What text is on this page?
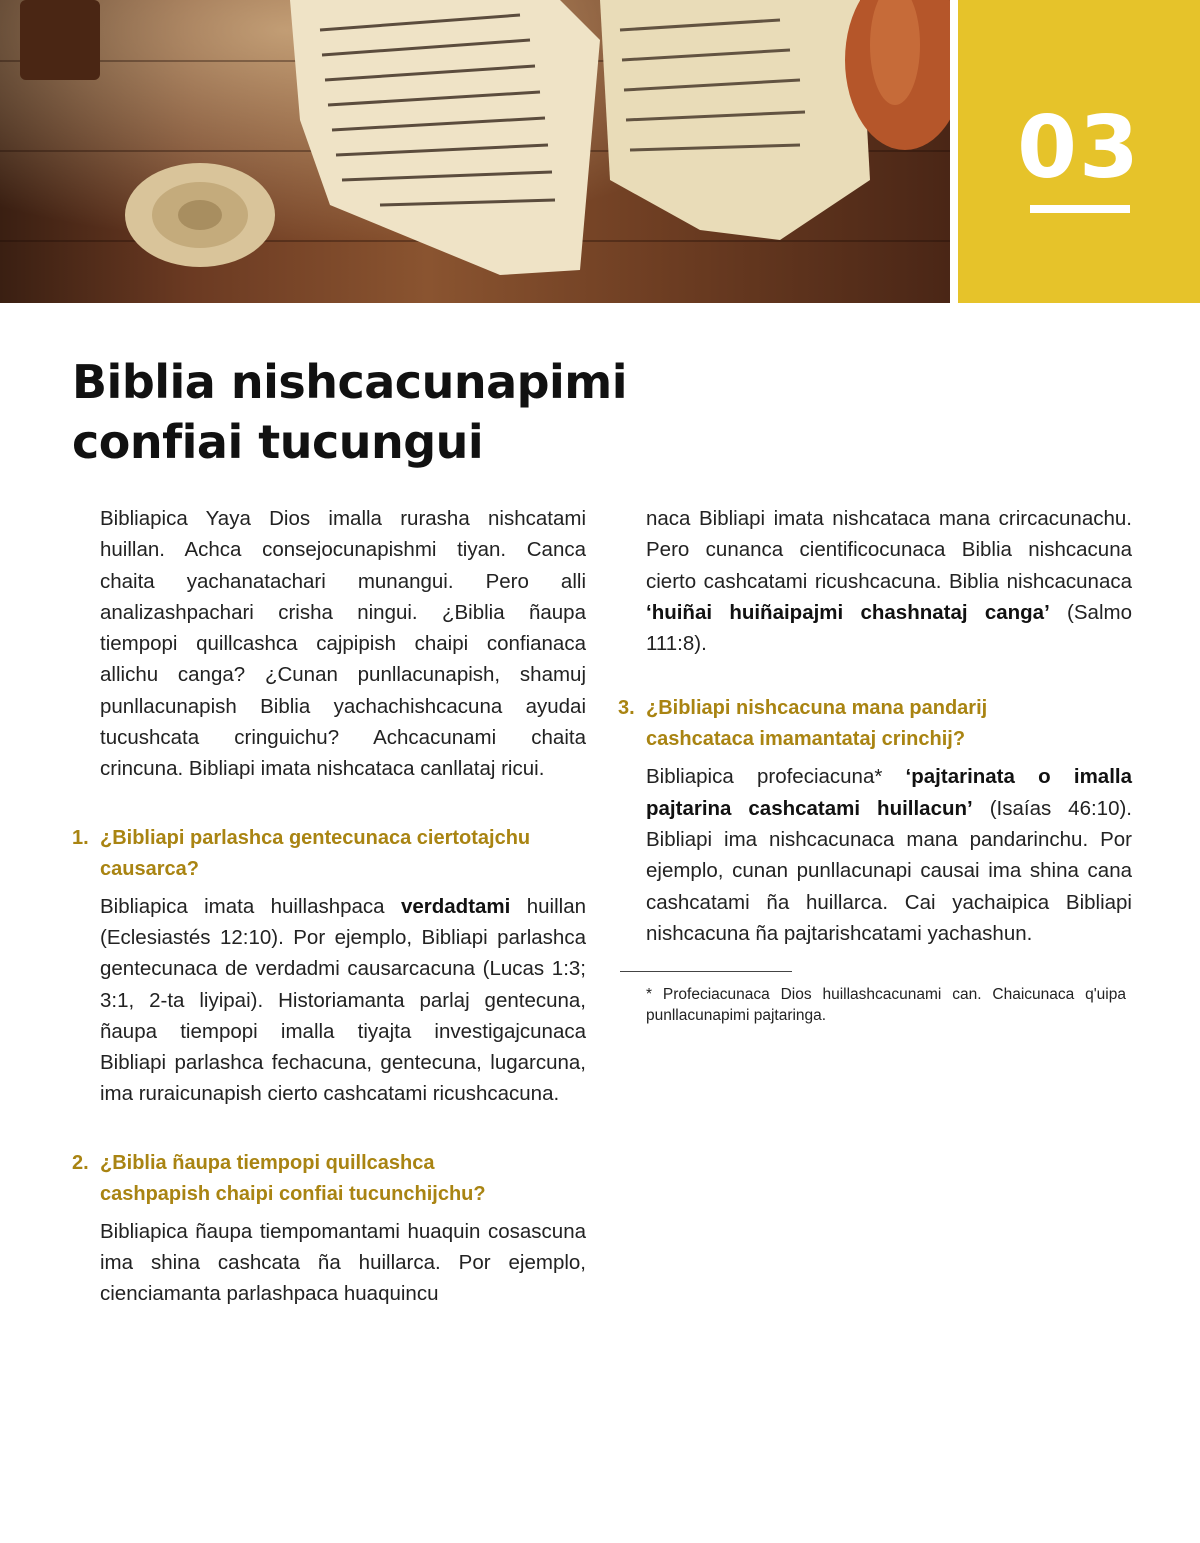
03
Biblia nishcacunapimi
confiai tucungui

Bibliapica Yaya Dios imalla rurasha nishcatami huillan. Achca consejocunapishmi tiyan. Canca chaita yachanatachari munangui. Pero alli analizashpachari crisha ningui. ¿Biblia ñaupa tiempopi quillcashca cajpipish chaipi confianaca allichu canga? ¿Cunan punllacunapish, shamuj punllacunapish Biblia yachachishcacuna ayudai tucushcata cringuichu? Achcacunami chaita crincuna. Bibliapi imata nishcataca canllataj ricui.

1. ¿Bibliapi parlashca gentecunaca ciertotajchu
causarca?

Bibliapica imata huillashpaca verdadtami huillan (Eclesiastés 12:10). Por ejemplo, Bibliapi parlashca gentecunaca de verdadmi causarcacuna (Lucas 1:3; 3:1, 2‑ta liyipai). Historiamanta parlaj gentecuna, ñaupa tiempopi imalla tiyajta investigajcunaca Bibliapi parlashca fechacuna, gentecuna, lugarcuna, ima ruraicunapish cierto cashcatami ricushcacuna.

2. ¿Biblia ñaupa tiempopi quillcashca
cashpapish chaipi confiai tucunchijchu?

Bibliapica ñaupa tiempomantami huaquin cosascuna ima shina cashcata ña huillarca. Por ejemplo, cienciamanta parlashpaca huaquincu

naca Bibliapi imata nishcataca mana crircacunachu. Pero cunanca cientificocunaca Biblia nishcacuna cierto cashcatami ricushcacuna. Biblia nishcacunaca ‘huiñai huiñaipajmi chashnataj canga’ (Salmo 111:8).

3. ¿Bibliapi nishcacuna mana pandarij
cashcataca imamantataj crinchij?

Bibliapica profeciacuna* ‘pajtarinata o imalla pajtarina cashcatami huillacun’ (Isaías 46:10). Bibliapi ima nishcacunaca mana pandarinchu. Por ejemplo, cunan punllacunapi causai ima shina cana cashcatami ña huillarca. Cai yachaipica Bibliapi nishcacuna ña pajtarishcatami yachashun.

* Profeciacunaca Dios huillashcacunami can. Chaicunaca q'uipa punllacunapimi pajtaringa.
